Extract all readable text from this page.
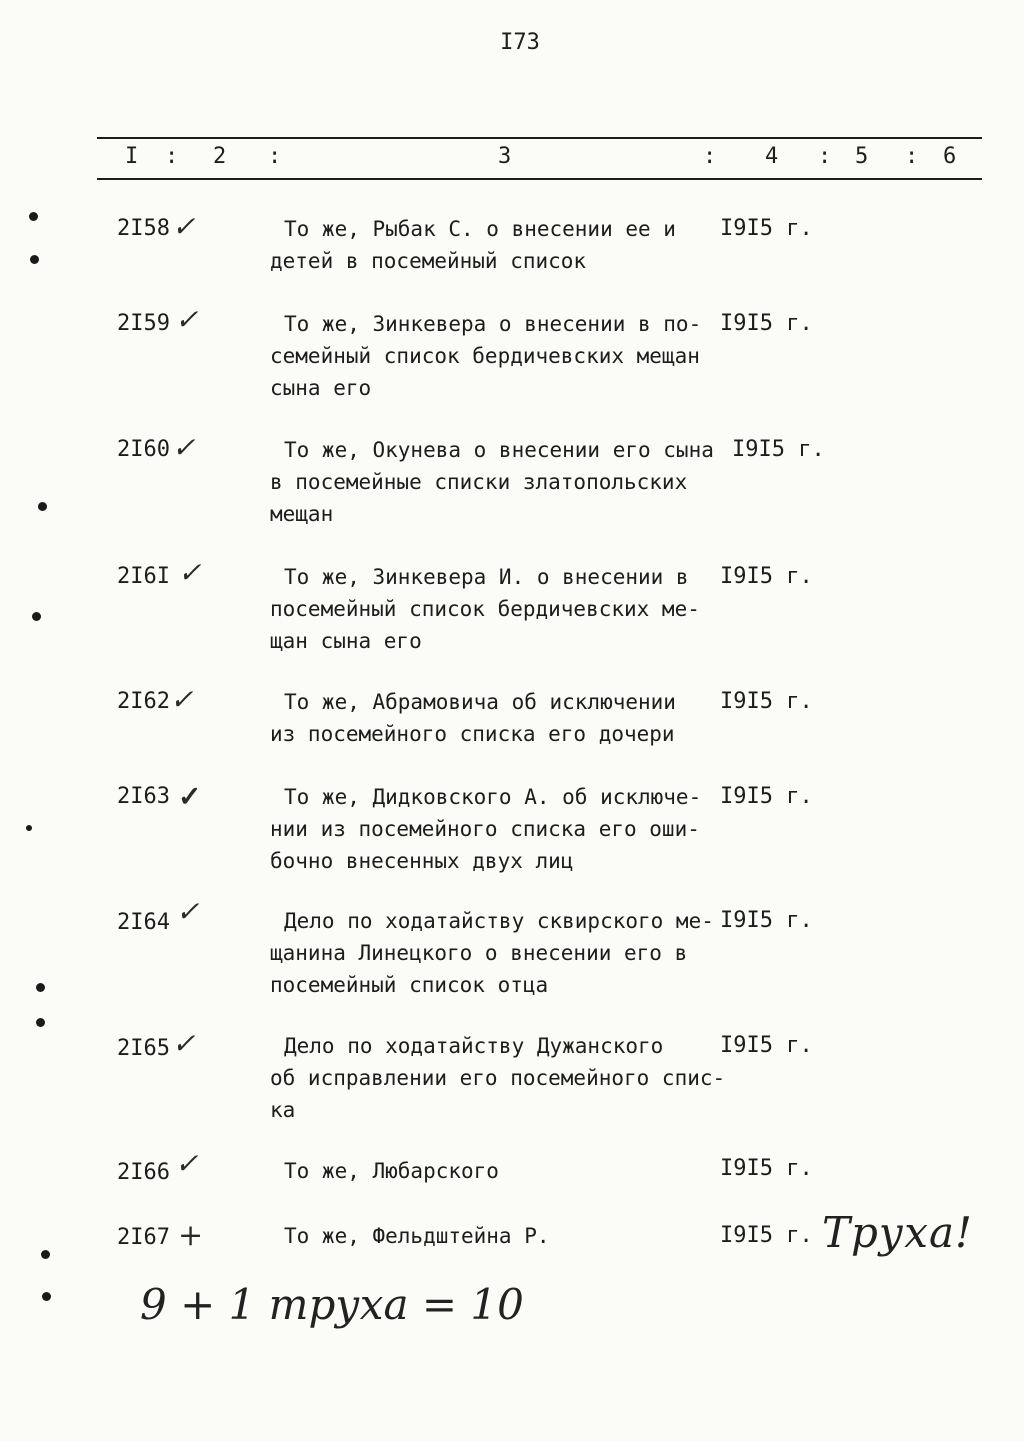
I73
I : 2 :	3	: 4 : 5 : 6
2I58 ✓	То же, Рыбак С. о внесении ее и
детей в посемейный список
I9I5 г.
2I59 ✓	То же, Зинкевера о внесении в по-
семейный список бердичевских мещан
сына его
I9I5 г.
2I60 ✓	То же, Окунева о внесении его сына
в посемейные списки златопольских
мещан
I9I5 г.
2I6I ✓	То же, Зинкевера И. о внесении в
посемейный список бердичевских ме-
щан сына его
I9I5 г.
2I62 ✓	То же, Абрамовича об исключении
из посемейного списка его дочери
I9I5 г.
2I63 ✓	То же, Дидковского А. об исключе-
нии из посемейного списка его оши-
бочно внесенных двух лиц
I9I5 г.
2I64 ✓	Дело по ходатайству сквирского ме-
щанина Линецкого о внесении его в
посемейный список отца
I9I5 г.
2I65 ✓	Дело по ходатайству Дужанского
об исправлении его посемейного спис-
ка
I9I5 г.
2I66 ✓	То же, Любарского	I9I5 г.
2I67 +	То же, Фельдштейна Р.	I9I5 г. Труха!
9 + 1 труха = 10
